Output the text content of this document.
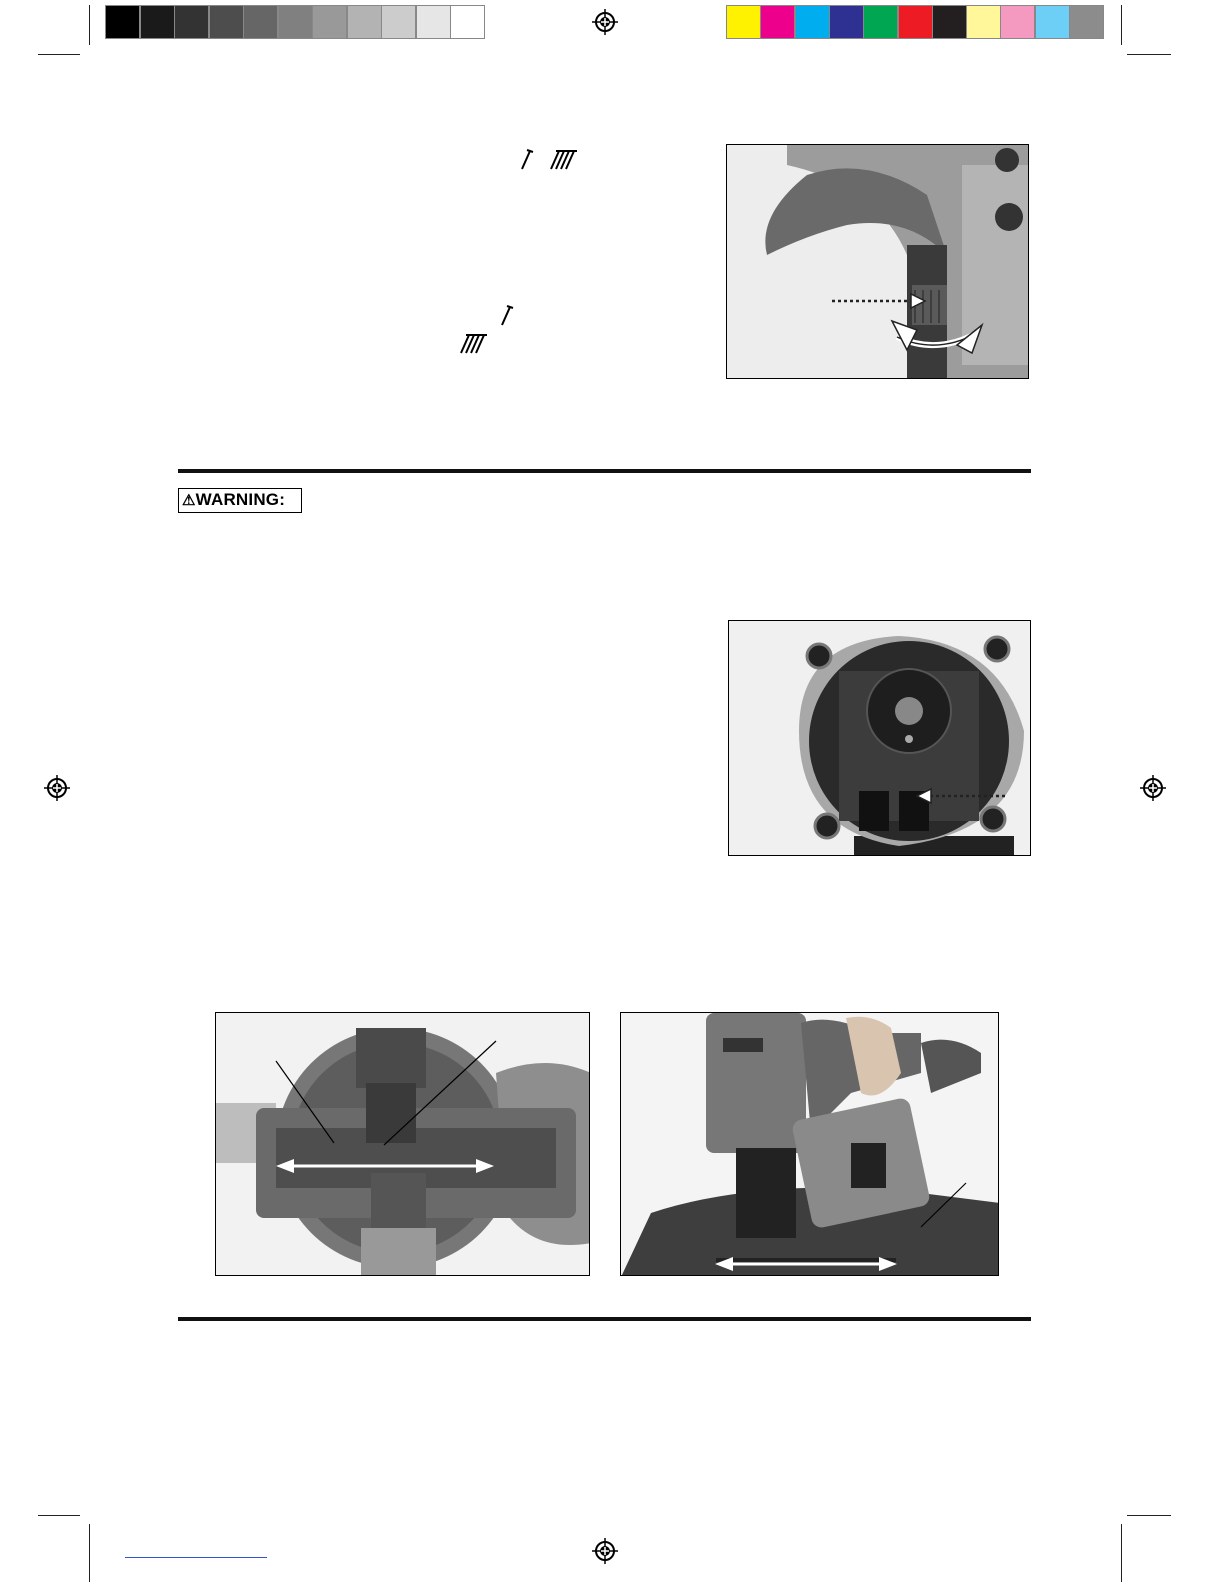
⚠WARNING:
